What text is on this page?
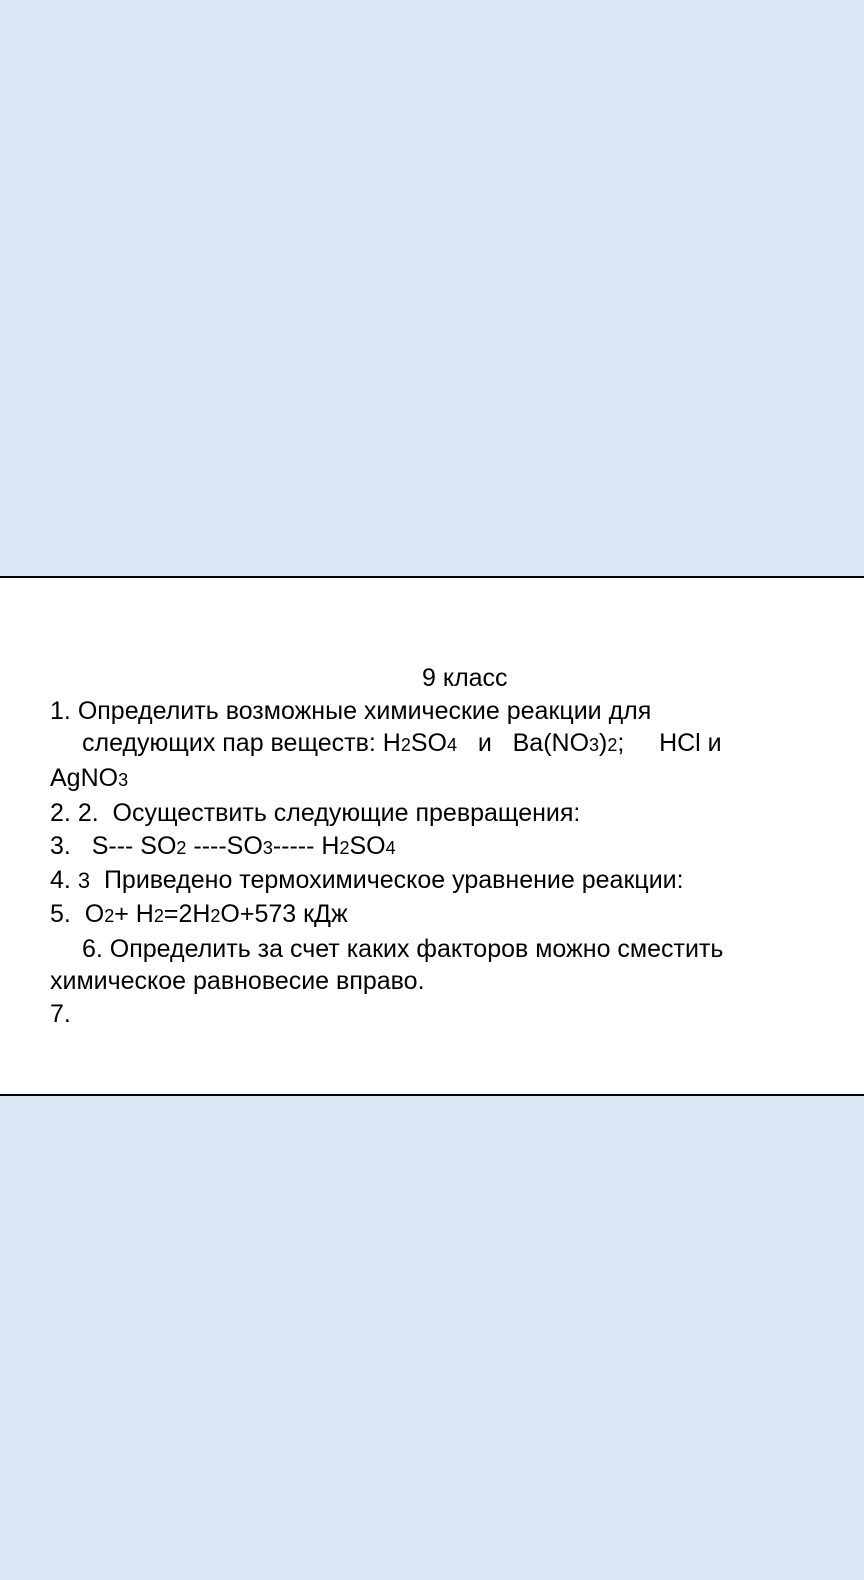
9 класс
1. Определить возможные химические реакции для
следующих пар веществ: H2SO4   и   Ba(NO3)2;     HCl и
AgNO3
2. 2.  Осуществить следующие превращения:
3.   S--- SO2 ----SO3----- H2SO4
4. 3  Приведено термохимическое уравнение реакции:
5.  O2+ H2=2H2O+573 кДж
6. Определить за счет каких факторов можно сместить
химическое равновесие вправо.
7.
